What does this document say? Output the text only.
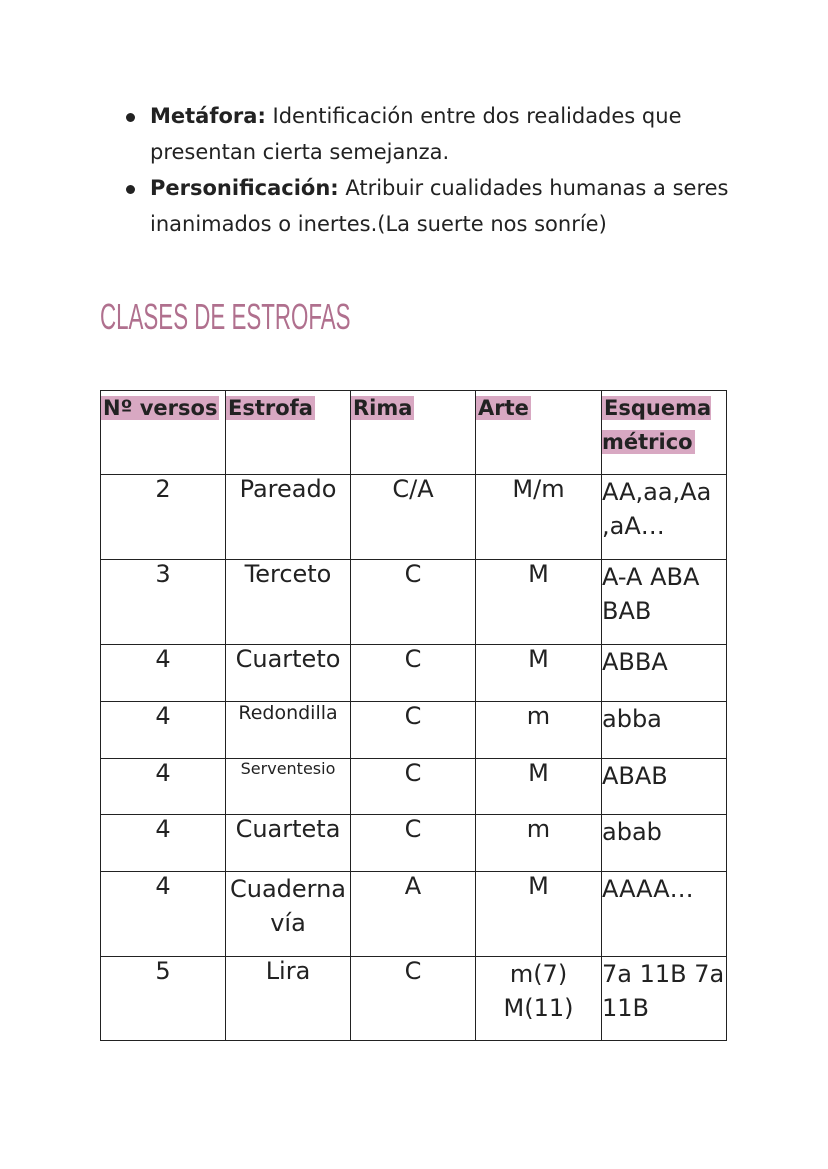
Metáfora: Identificación entre dos realidades que presentan cierta semejanza.
Personificación: Atribuir cualidades humanas a seres inanimados o inertes.(La suerte nos sonríe)
CLASES DE ESTROFAS
Nº versos	Estrofa	Rima	Arte	Esquema métrico
2	Pareado	C/A	M/m	AA,aa,Aa ,aA…
3	Terceto	C	M	A-A ABA BAB
4	Cuarteto	C	M	ABBA
4	Redondilla	C	m	abba
4	Serventesio	C	M	ABAB
4	Cuarteta	C	m	abab
4	Cuaderna vía	A	M	AAAA…
5	Lira	C	m(7) M(11)	7a 11B 7a 11B
